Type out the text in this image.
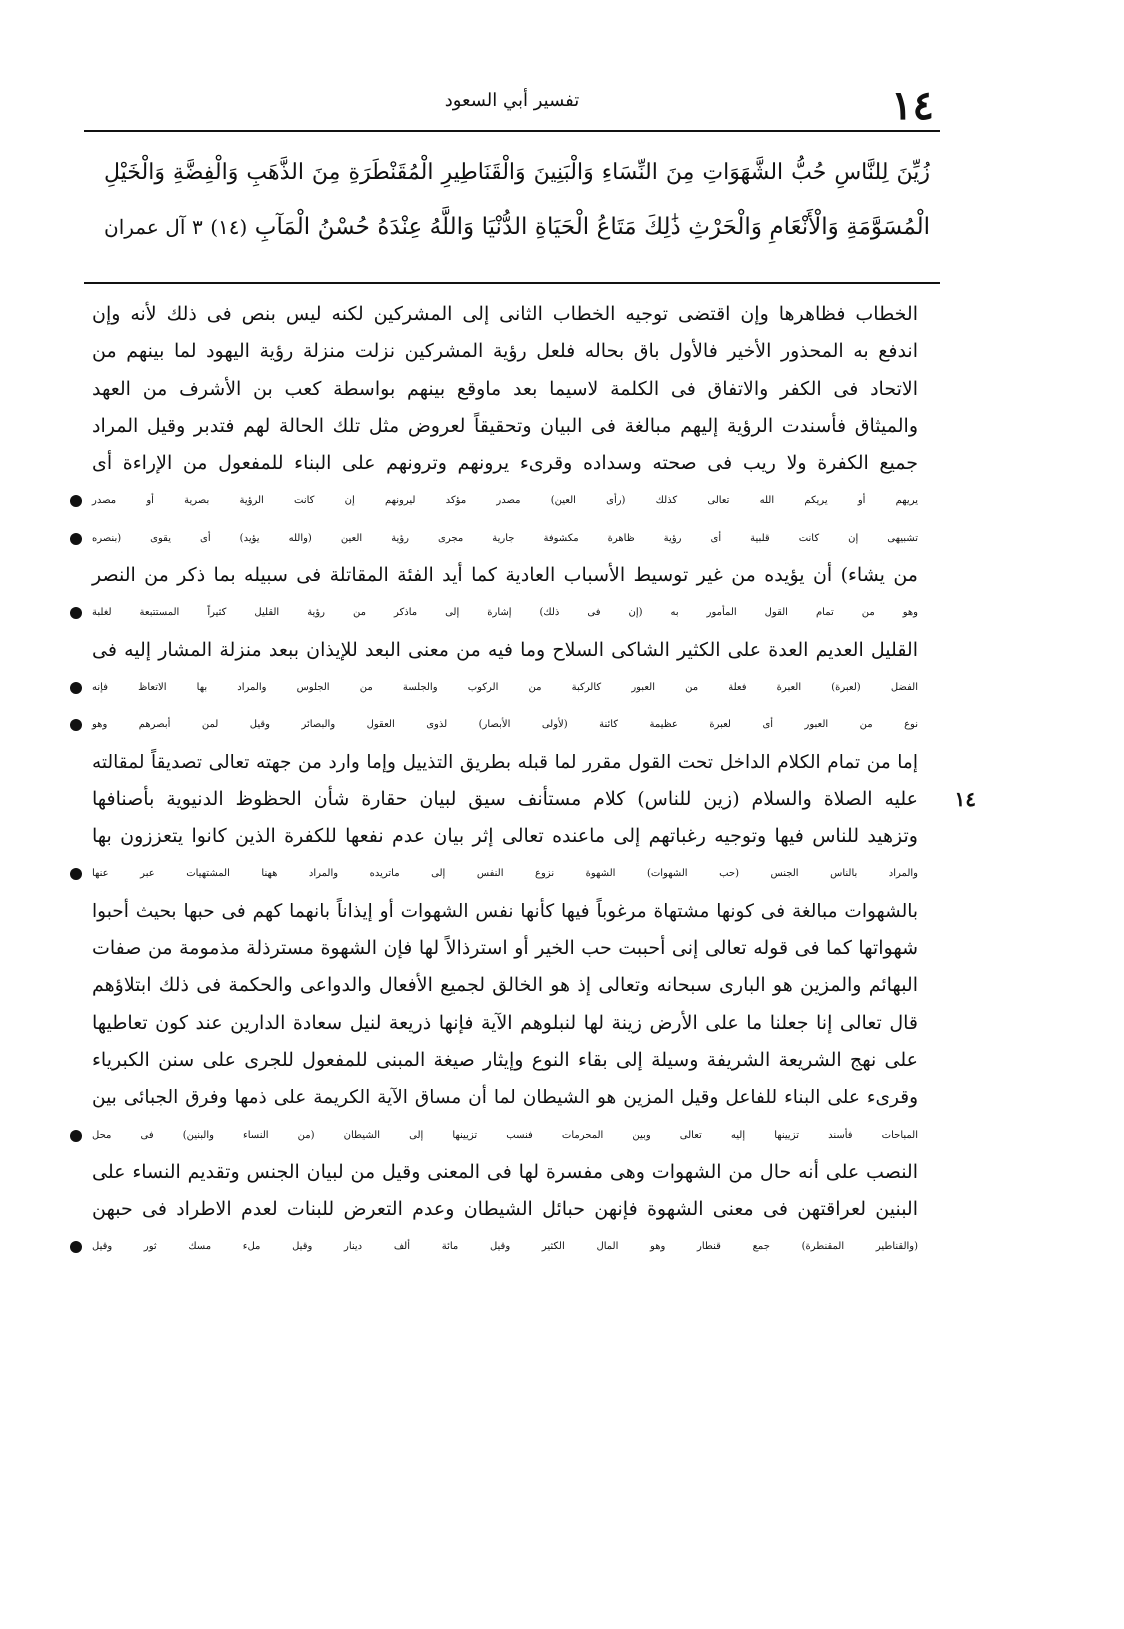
١٤
تفسير أبي السعود
زُيِّنَ لِلنَّاسِ حُبُّ الشَّهَوَاتِ مِنَ النِّسَاءِ وَالْبَنِينَ وَالْقَنَاطِيرِ الْمُقَنْطَرَةِ مِنَ الذَّهَبِ وَالْفِضَّةِ وَالْخَيْلِ
الْمُسَوَّمَةِ وَالْأَنْعَامِ وَالْحَرْثِ ذَٰلِكَ مَتَاعُ الْحَيَاةِ الدُّنْيَا وَاللَّهُ عِنْدَهُ حُسْنُ الْمَآبِ (١٤) ٣ آل عمران
الخطاب فظاهرها وإن اقتضى توجيه الخطاب الثانى إلى المشركين لكنه ليس بنص فى ذلك لأنه وإن
اندفع به المحذور الأخير فالأول باق بحاله فلعل رؤية المشركين نزلت منزلة رؤية اليهود لما بينهم من
الاتحاد فى الكفر والاتفاق فى الكلمة لاسيما بعد ماوقع بينهم بواسطة كعب بن الأشرف من العهد
والميثاق فأسندت الرؤية إليهم مبالغة فى البيان وتحقيقاً لعروض مثل تلك الحالة لهم فتدبر وقيل المراد
جميع الكفرة ولا ريب فى صحته وسداده وقرىء يرونهم وترونهم على البناء للمفعول من الإراءة أى
يريهم أو يريكم الله تعالى كذلك (رأى العين) مصدر مؤكد ليرونهم إن كانت الرؤية بصرية أو مصدر
تشبيهى إن كانت قلبية أى رؤية ظاهرة مكشوفة جارية مجرى رؤية العين (والله يؤيد) أى يقوى (بنصره
من يشاء) أن يؤيده من غير توسيط الأسباب العادية كما أيد الفئة المقاتلة فى سبيله بما ذكر من النصر
وهو من تمام القول المأمور به (إن فى ذلك) إشارة إلى ماذكر من رؤية القليل كثيراً المستتبعة لغلبة
القليل العديم العدة على الكثير الشاكى السلاح وما فيه من معنى البعد للإيذان ببعد منزلة المشار إليه فى
الفضل (لعبرة) العبرة فعلة من العبور كالركبة من الركوب والجلسة من الجلوس والمراد بها الاتعاظ فإنه
نوع من العبور أى لعبرة عظيمة كائنة (لأولى الأبصار) لذوى العقول والبصائر وقيل لمن أبصرهم وهو
إما من تمام الكلام الداخل تحت القول مقرر لما قبله بطريق التذييل وإما وارد من جهته تعالى تصديقاً لمقالته
عليه الصلاة والسلام (زين للناس) كلام مستأنف سيق لبيان حقارة شأن الحظوظ الدنيوية بأصنافها ١٤
وتزهيد للناس فيها وتوجيه رغباتهم إلى ماعنده تعالى إثر بيان عدم نفعها للكفرة الذين كانوا يتعززون بها
والمراد بالناس الجنس (حب الشهوات) الشهوة نزوع النفس إلى ماتريده والمراد ههنا المشتهيات عبر عنها
بالشهوات مبالغة فى كونها مشتهاة مرغوباً فيها كأنها نفس الشهوات أو إيذاناً بانهما كهم فى حبها بحيث أحبوا
شهواتها كما فى قوله تعالى إنى أحببت حب الخير أو استرذالاً لها فإن الشهوة مسترذلة مذمومة من صفات
البهائم والمزين هو البارى سبحانه وتعالى إذ هو الخالق لجميع الأفعال والدواعى والحكمة فى ذلك ابتلاؤهم
قال تعالى إنا جعلنا ما على الأرض زينة لها لنبلوهم الآية فإنها ذريعة لنيل سعادة الدارين عند كون تعاطيها
على نهج الشريعة الشريفة وسيلة إلى بقاء النوع وإيثار صيغة المبنى للمفعول للجرى على سنن الكبرياء
وقرىء على البناء للفاعل وقيل المزين هو الشيطان لما أن مساق الآية الكريمة على ذمها وفرق الجبائى بين
المباحات فأسند تزيينها إليه تعالى وبين المحرمات فنسب تزيينها إلى الشيطان (من النساء والبنين) فى محل
النصب على أنه حال من الشهوات وهى مفسرة لها فى المعنى وقيل من لبيان الجنس وتقديم النساء على
البنين لعراقتهن فى معنى الشهوة فإنهن حبائل الشيطان وعدم التعرض للبنات لعدم الاطراد فى حبهن
(والقناطير المقنطرة) جمع قنطار وهو المال الكثير وقيل مائة ألف دينار وقيل ملء مسك ثور وقيل
